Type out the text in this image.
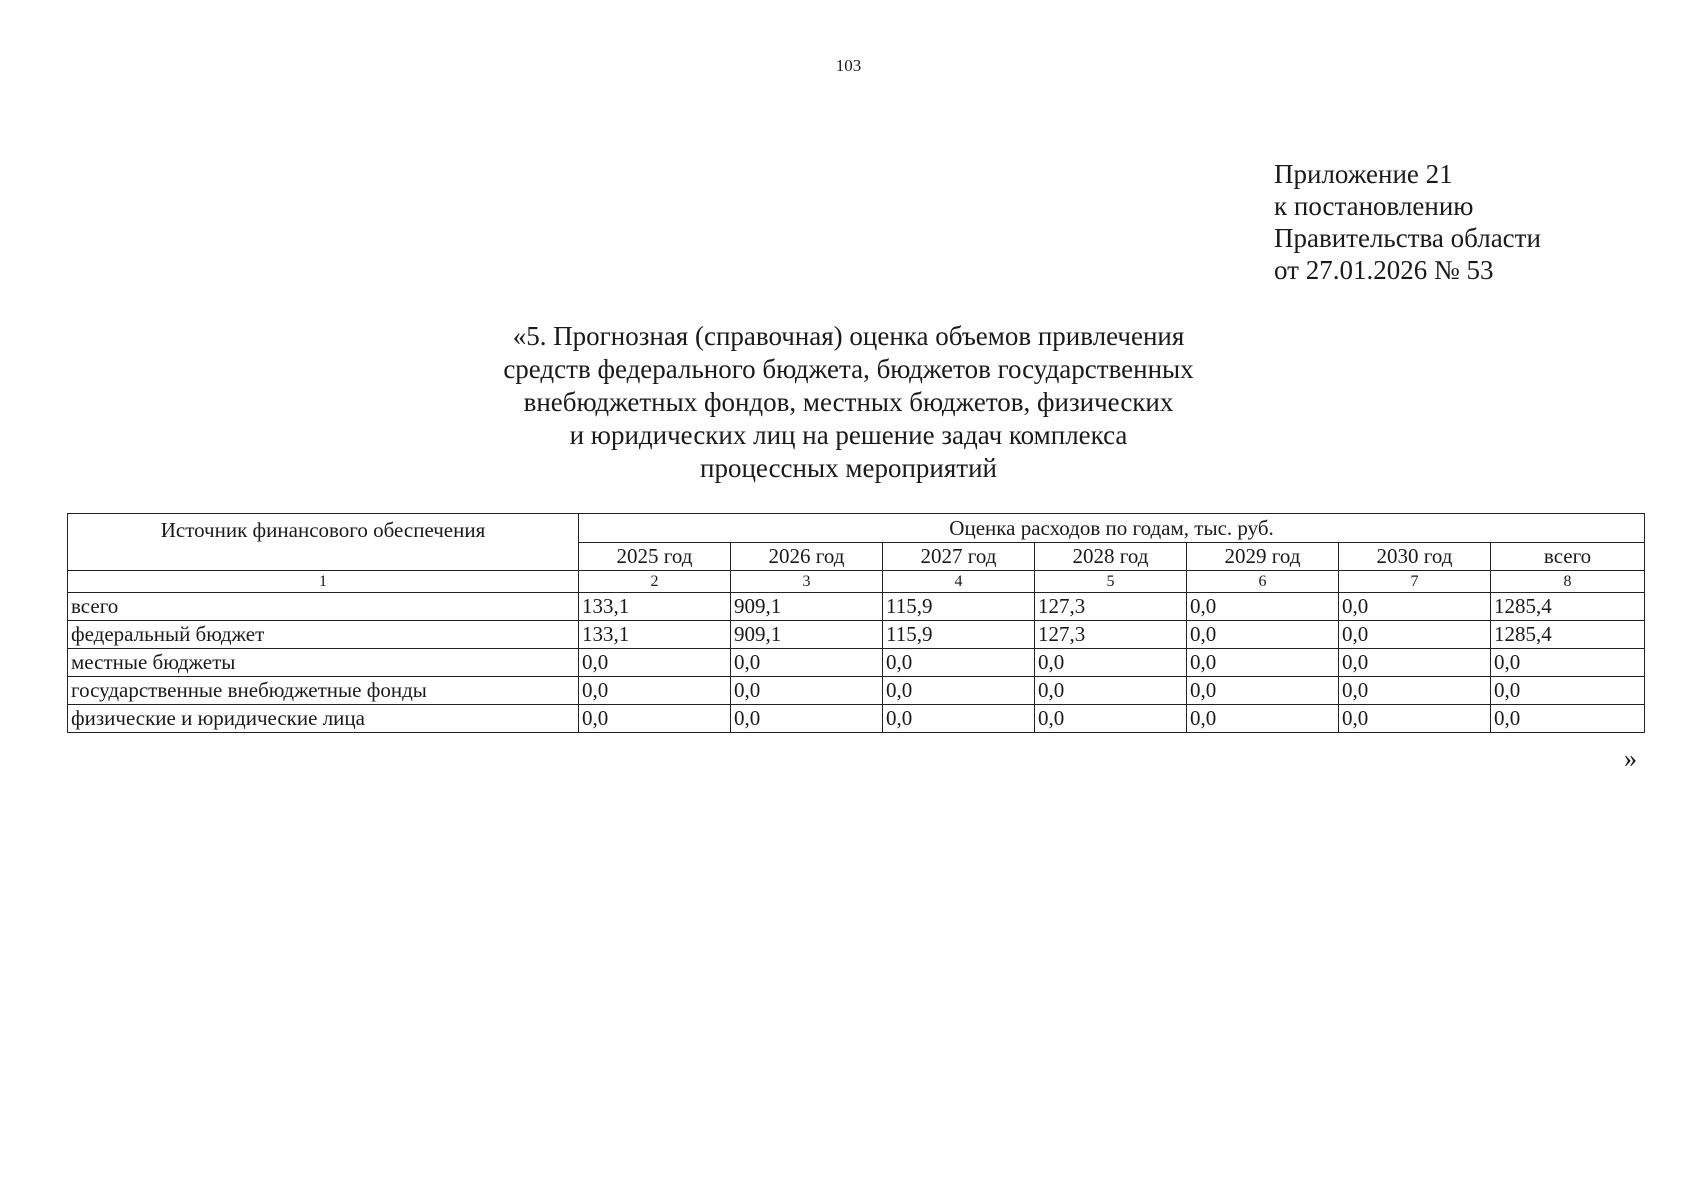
103
Приложение 21
к постановлению
Правительства области
от 27.01.2026 № 53
«5. Прогнозная (справочная) оценка объемов привлечения
средств федерального бюджета, бюджетов государственных
внебюджетных фондов, местных бюджетов, физических
и юридических лиц на решение задач комплекса
процессных мероприятий
Источник финансового обеспечения	Оценка расходов по годам, тыс. руб.						
	2025 год	2026 год	2027 год	2028 год	2029 год	2030 год	всего
1	2	3	4	5	6	7	8
всего	133,1	909,1	115,9	127,3	0,0	0,0	1285,4
федеральный бюджет	133,1	909,1	115,9	127,3	0,0	0,0	1285,4
местные бюджеты	0,0	0,0	0,0	0,0	0,0	0,0	0,0
государственные внебюджетные фонды	0,0	0,0	0,0	0,0	0,0	0,0	0,0
физические и юридические лица	0,0	0,0	0,0	0,0	0,0	0,0	0,0
»
